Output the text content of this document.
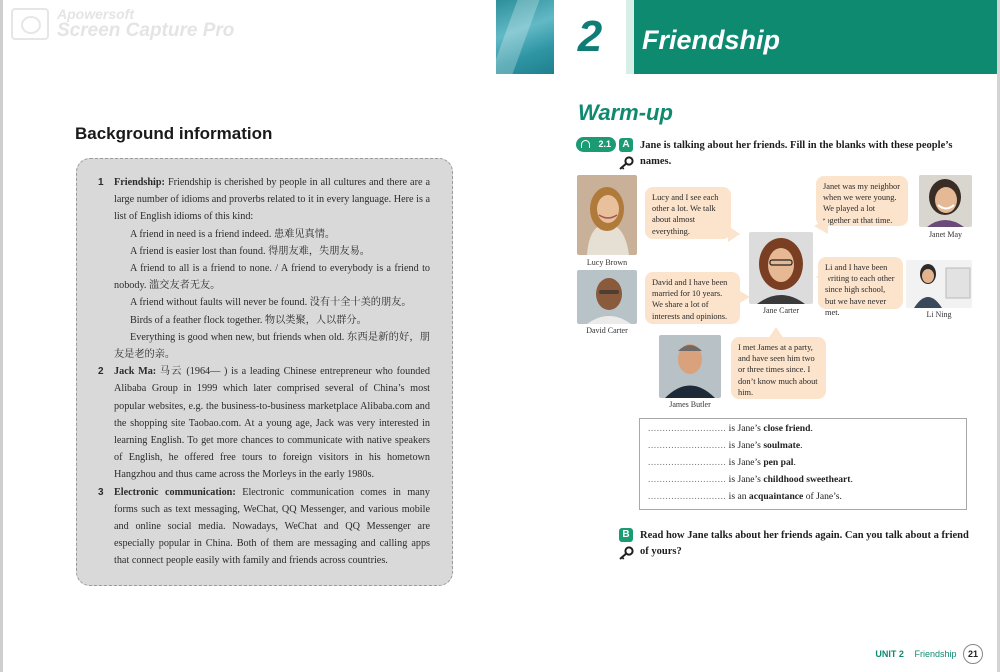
Apowersoft
Screen Capture Pro
Background information

1 Friendship: Friendship is cherished by people in all cultures and there are a large number of idioms and proverbs related to it in every language. Here is a list of English idioms of this kind:

A friend in need is a friend indeed. 患难见真情。

A friend is easier lost than found. 得朋友难，失朋友易。

A friend to all is a friend to none. / A friend to everybody is a friend to nobody. 滥交友者无友。

A friend without faults will never be found. 没有十全十美的朋友。

Birds of a feather flock together. 物以类聚，人以群分。

Everything is good when new, but friends when old. 东西是新的好，朋友是老的亲。

2 Jack Ma: 马云 (1964— ) is a leading Chinese entrepreneur who founded Alibaba Group in 1999 which later comprised several of China’s most popular websites, e.g. the business-to-business marketplace Alibaba.com and the shopping site Taobao.com. At a young age, Jack was very interested in learning English. To get more chances to communicate with native speakers of English, he offered free tours to foreign visitors in his hometown Hangzhou and thus came across the Morleys in the early 1980s.

3 Electronic communication: Electronic communication comes in many forms such as text messaging, WeChat, QQ Messenger, and various mobile and online social media. Nowadays, WeChat and QQ Messenger are especially popular in China. Both of them are messaging and calling apps that connect people easily with family and friends across countries.

2	Friendship
Warm-up
2.1	A Jane is talking about her friends. Fill in the blanks with these people’s names.
Lucy Brown
Lucy and I see each other a lot. We talk about almost everything.
Janet was my neighbor when we were young. We played a lot together at that time.
Janet May
David Carter
David and I have been married for 10 years. We share a lot of interests and opinions.
Jane Carter
Li and I have been writing to each other since high school, but we have never met.	Li Ning
James Butler
I met James at a party, and have seen him two or three times since. I don’t know much about him.
........................... is Jane’s close friend.
........................... is Jane’s soulmate.
........................... is Jane’s pen pal.
........................... is Jane’s childhood sweetheart.
........................... is an acquaintance of Jane’s.
B Read how Jane talks about her friends again. Can you talk about a friend of yours?
UNIT 2 Friendship 21
